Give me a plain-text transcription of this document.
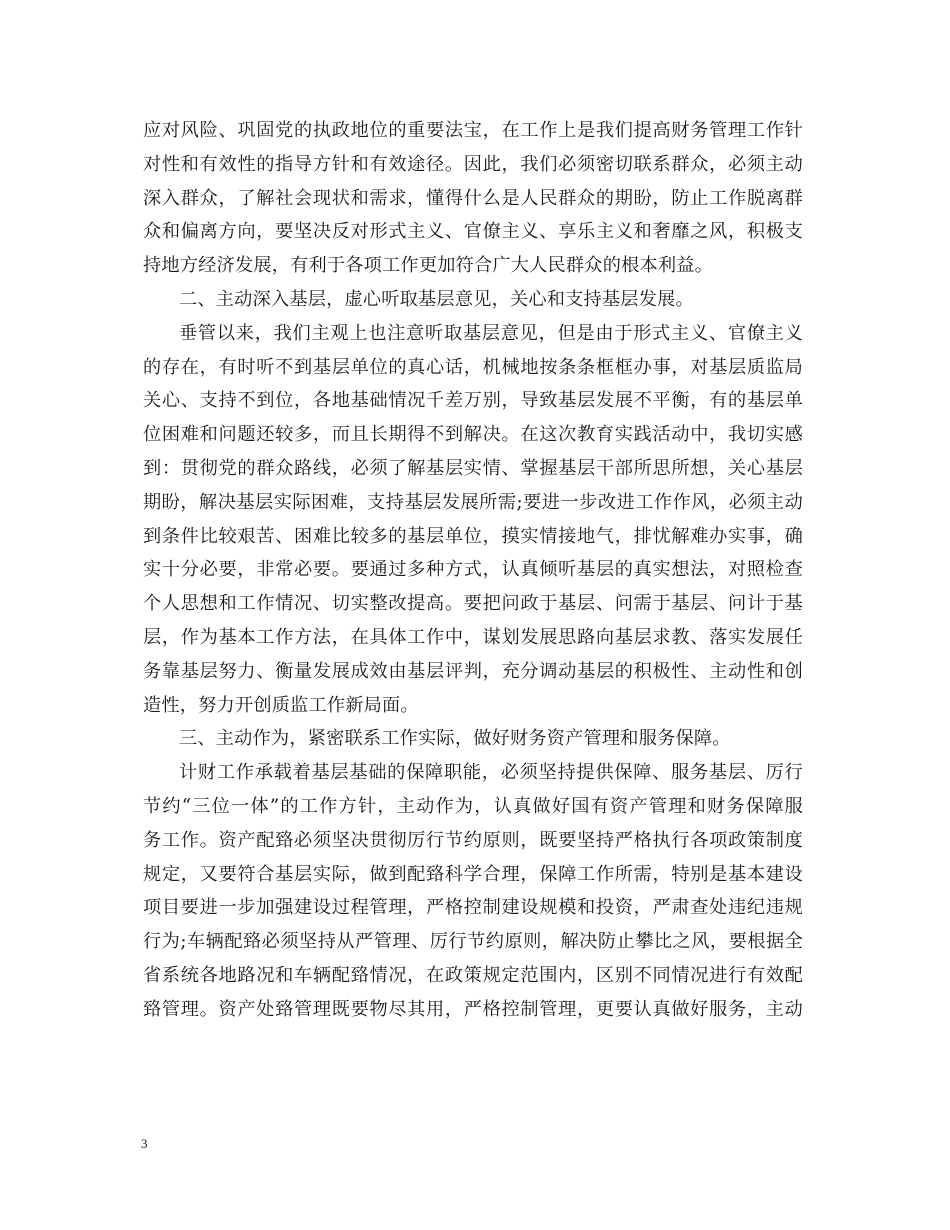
应对风险、巩固党的执政地位的重要法宝，在工作上是我们提高财务管理工作针
对性和有效性的指导方针和有效途径。因此，我们必须密切联系群众，必须主动
深入群众，了解社会现状和需求，懂得什么是人民群众的期盼，防止工作脱离群
众和偏离方向，要坚决反对形式主义、官僚主义、享乐主义和奢靡之风，积极支
持地方经济发展，有利于各项工作更加符合广大人民群众的根本利益。
二、主动深入基层，虚心听取基层意见，关心和支持基层发展。
垂管以来，我们主观上也注意听取基层意见，但是由于形式主义、官僚主义
的存在，有时听不到基层单位的真心话，机械地按条条框框办事，对基层质监局
关心、支持不到位，各地基础情况千差万别，导致基层发展不平衡，有的基层单
位困难和问题还较多，而且长期得不到解决。在这次教育实践活动中，我切实感
到：贯彻党的群众路线，必须了解基层实情、掌握基层干部所思所想，关心基层
期盼，解决基层实际困难，支持基层发展所需;要进一步改进工作作风，必须主动
到条件比较艰苦、困难比较多的基层单位，摸实情接地气，排忧解难办实事，确
实十分必要，非常必要。要通过多种方式，认真倾听基层的真实想法，对照检查
个人思想和工作情况、切实整改提高。要把问政于基层、问需于基层、问计于基
层，作为基本工作方法，在具体工作中，谋划发展思路向基层求教、落实发展任
务靠基层努力、衡量发展成效由基层评判，充分调动基层的积极性、主动性和创
造性，努力开创质监工作新局面。
三、主动作为，紧密联系工作实际，做好财务资产管理和服务保障。
计财工作承载着基层基础的保障职能，必须坚持提供保障、服务基层、厉行
节约“三位一体”的工作方针，主动作为，认真做好国有资产管理和财务保障服
务工作。资产配臵必须坚决贯彻厉行节约原则，既要坚持严格执行各项政策制度
规定，又要符合基层实际，做到配臵科学合理，保障工作所需，特别是基本建设
项目要进一步加强建设过程管理，严格控制建设规模和投资，严肃查处违纪违规
行为;车辆配臵必须坚持从严管理、厉行节约原则，解决防止攀比之风，要根据全
省系统各地路况和车辆配臵情况，在政策规定范围内，区别不同情况进行有效配
臵管理。资产处臵管理既要物尽其用，严格控制管理，更要认真做好服务，主动
3
